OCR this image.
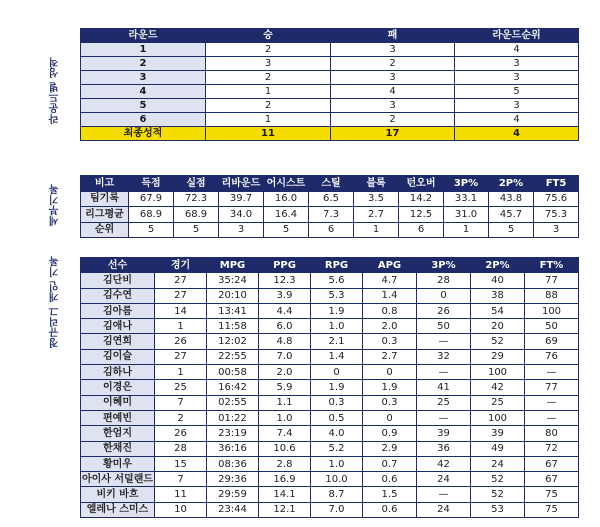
라운드별 성적
세부기록
정규리그 개인 기록
라운드	승	패	라운드순위
1	2	3	4
2	3	2	3
3	2	3	3
4	1	4	5
5	2	3	3
6	1	2	4
최종성적	11	17	4
비고	득점	실점	리바운드	어시스트	스틸	블록	턴오버	3P%	2P%	FT5
팀기록	67.9	72.3	39.7	16.0	6.5	3.5	14.2	33.1	43.8	75.6
리그평균	68.9	68.9	34.0	16.4	7.3	2.7	12.5	31.0	45.7	75.3
순위	5	5	3	5	6	1	6	1	5	3
선수	경기	MPG	PPG	RPG	APG	3P%	2P%	FT%
김단비	27	35:24	12.3	5.6	4.7	28	40	77
김수연	27	20:10	3.9	5.3	1.4	0	38	88
김아름	14	13:41	4.4	1.9	0.8	26	54	100
김애나	1	11:58	6.0	1.0	2.0	50	20	50
김연희	26	12:02	4.8	2.1	0.3	—	52	69
김이슬	27	22:55	7.0	1.4	2.7	32	29	76
김하나	1	00:58	2.0	0	0	—	100	—
이경은	25	16:42	5.9	1.9	1.9	41	42	77
이혜미	7	02:55	1.1	0.3	0.3	25	25	—
편예빈	2	01:22	1.0	0.5	0	—	100	—
한엄지	26	23:19	7.4	4.0	0.9	39	39	80
한채진	28	36:16	10.6	5.2	2.9	36	49	72
황미우	15	08:36	2.8	1.0	0.7	42	24	67
아이사 서덜랜드	7	29:36	16.9	10.0	0.6	24	52	67
비키 바흐	11	29:59	14.1	8.7	1.5	—	52	75
엘레나 스미스	10	23:44	12.1	7.0	0.6	24	53	75
